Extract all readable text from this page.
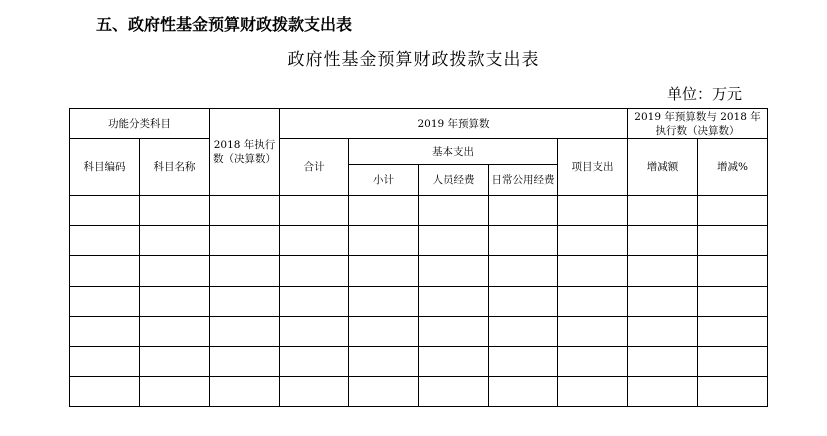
五、政府性基金预算财政拨款支出表
政府性基金预算财政拨款支出表
单位：万元
功能分类科目		2018 年执行数（决算数）	2019 年预算数					2019 年预算数与 2018 年执行数（决算数）	
科目编码	科目名称		合计	基本支出			项目支出	增减额	增减%
				小计	人员经费	日常公用经费			
